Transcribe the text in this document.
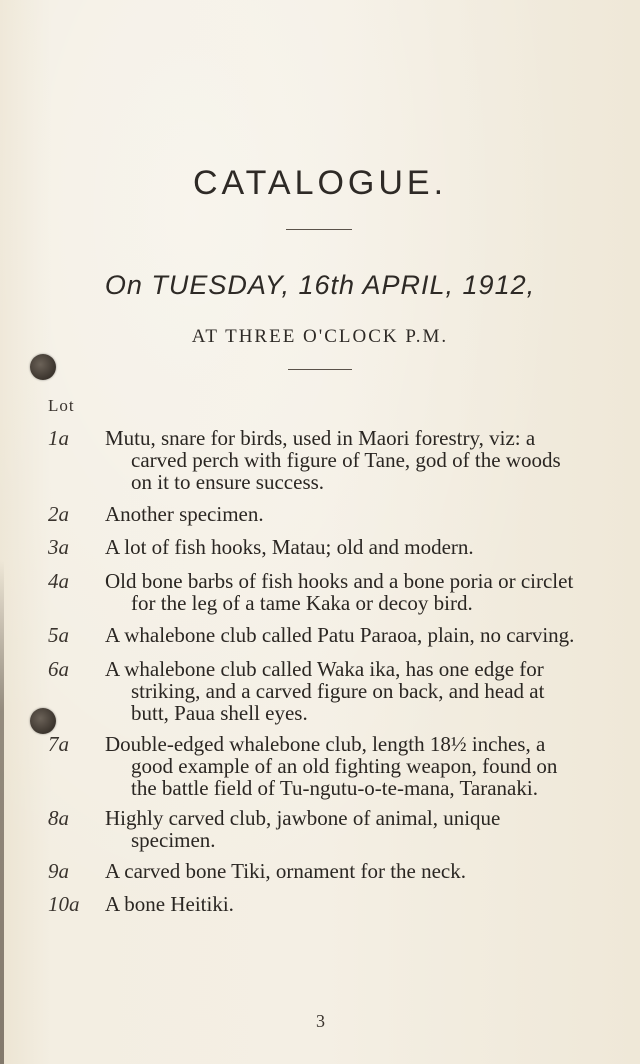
CATALOGUE.
On TUESDAY, 16th APRIL, 1912,
AT THREE O'CLOCK P.M.
Lot
1a	Mutu, snare for birds, used in Maori forestry, viz: a
carved perch with figure of Tane, god of the woods
on it to ensure success.
2a	Another specimen.
3a	A lot of fish hooks, Matau; old and modern.
4a	Old bone barbs of fish hooks and a bone poria or circlet
for the leg of a tame Kaka or decoy bird.
5a	A whalebone club called Patu Paraoa, plain, no carving.
6a	A whalebone club called Waka ika, has one edge for
striking, and a carved figure on back, and head at
butt, Paua shell eyes.
7a	Double-edged whalebone club, length 18½ inches, a
good example of an old fighting weapon, found on
the battle field of Tu-ngutu-o-te-mana, Taranaki.
8a	Highly carved club, jawbone of animal, unique
specimen.
9a	A carved bone Tiki, ornament for the neck.
10a	A bone Heitiki.
3
